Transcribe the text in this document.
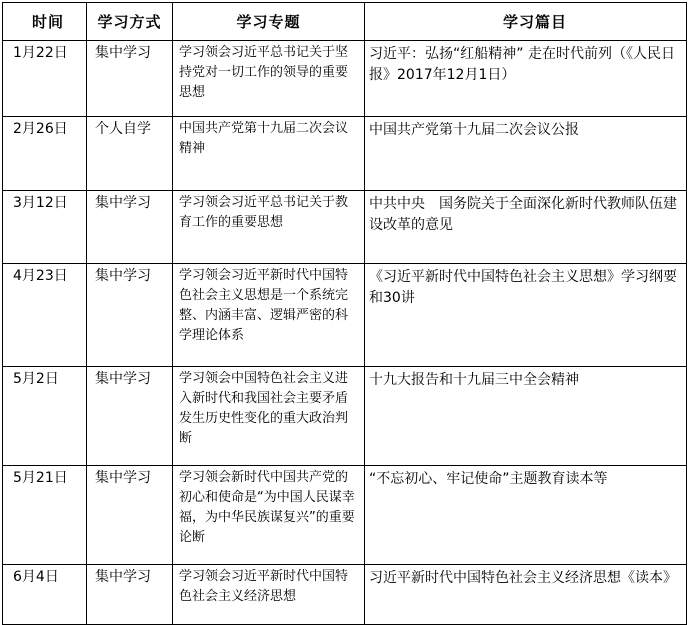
时间	学习方式	学习专题	学习篇目
1月22日	集中学习	学习领会习近平总书记关于坚持党对一切工作的领导的重要思想	习近平：弘扬“红船精神” 走在时代前列（《人民日报》2017年12月1日）
2月26日	个人自学	中国共产党第十九届二次会议精神	中国共产党第十九届二次会议公报
3月12日	集中学习	学习领会习近平总书记关于教育工作的重要思想	中共中央　国务院关于全面深化新时代教师队伍建设改革的意见
4月23日	集中学习	学习领会习近平新时代中国特色社会主义思想是一个系统完整、内涵丰富、逻辑严密的科学理论体系	《习近平新时代中国特色社会主义思想》学习纲要和30讲
5月2日	集中学习	学习领会中国特色社会主义进入新时代和我国社会主要矛盾发生历史性变化的重大政治判断	十九大报告和十九届三中全会精神
5月21日	集中学习	学习领会新时代中国共产党的初心和使命是“为中国人民谋幸福，为中华民族谋复兴”的重要论断	“不忘初心、牢记使命”主题教育读本等
6月4日	集中学习	学习领会习近平新时代中国特色社会主义经济思想	习近平新时代中国特色社会主义经济思想《读本》
